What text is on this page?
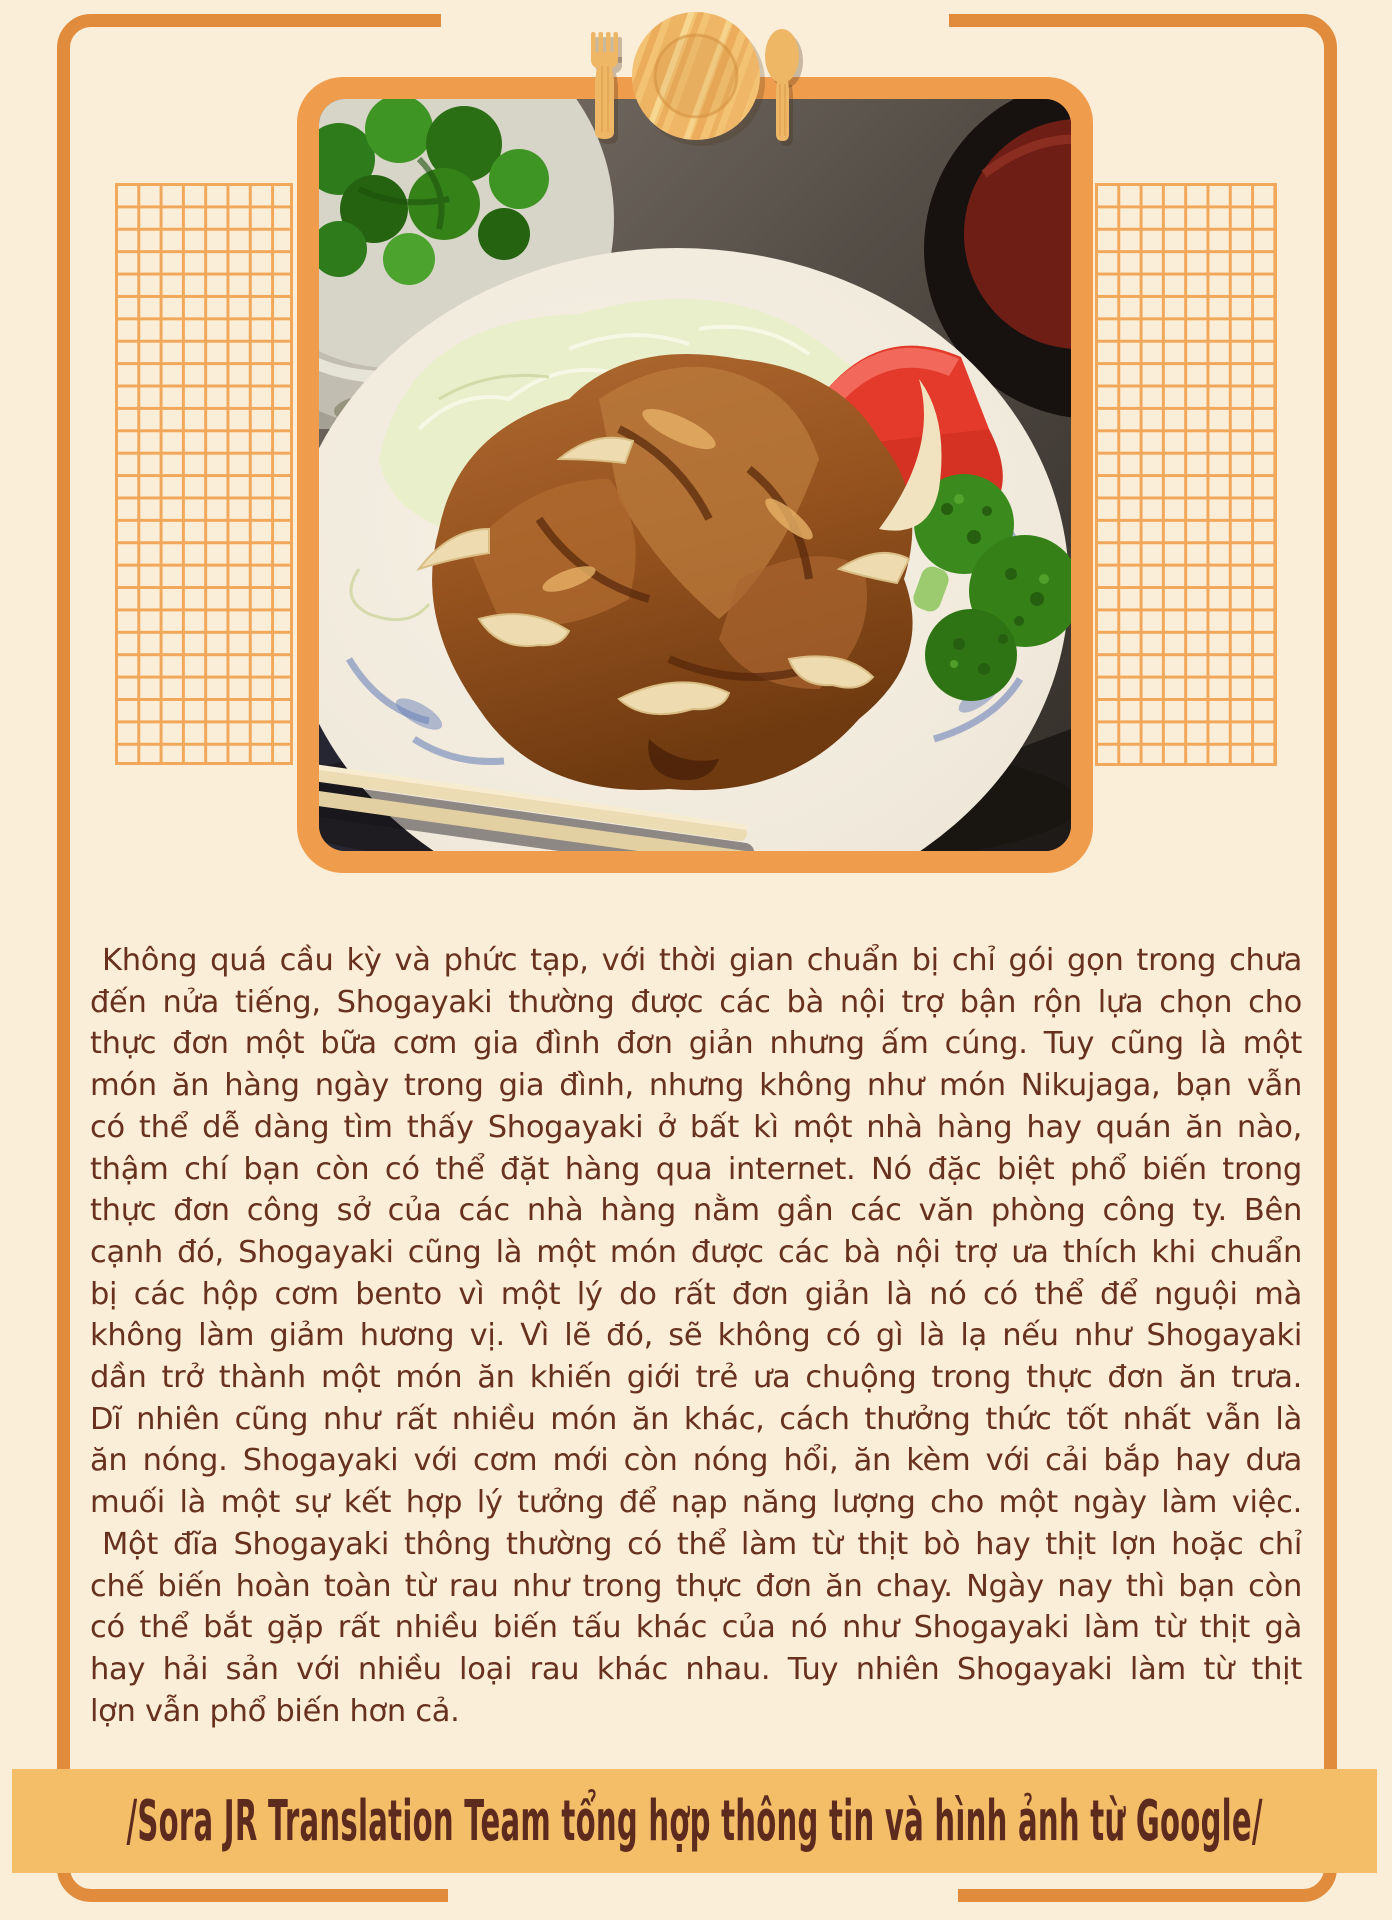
Không quá cầu kỳ và phức tạp, với thời gian chuẩn bị chỉ gói gọn trong chưa

đến nửa tiếng, Shogayaki thường được các bà nội trợ bận rộn lựa chọn cho

thực đơn một bữa cơm gia đình đơn giản nhưng ấm cúng. Tuy cũng là một

món ăn hàng ngày trong gia đình, nhưng không như món Nikujaga, bạn vẫn

có thể dễ dàng tìm thấy Shogayaki ở bất kì một nhà hàng hay quán ăn nào,

thậm chí bạn còn có thể đặt hàng qua internet. Nó đặc biệt phổ biến trong

thực đơn công sở của các nhà hàng nằm gần các văn phòng công ty. Bên

cạnh đó, Shogayaki cũng là một món được các bà nội trợ ưa thích khi chuẩn

bị các hộp cơm bento vì một lý do rất đơn giản là nó có thể để nguội mà

không làm giảm hương vị. Vì lẽ đó, sẽ không có gì là lạ nếu như Shogayaki

dần trở thành một món ăn khiến giới trẻ ưa chuộng trong thực đơn ăn trưa.

Dĩ nhiên cũng như rất nhiều món ăn khác, cách thưởng thức tốt nhất vẫn là

ăn nóng. Shogayaki với cơm mới còn nóng hổi, ăn kèm với cải bắp hay dưa

muối là một sự kết hợp lý tưởng để nạp năng lượng cho một ngày làm việc.

Một đĩa Shogayaki thông thường có thể làm từ thịt bò hay thịt lợn hoặc chỉ

chế biến hoàn toàn từ rau như trong thực đơn ăn chay. Ngày nay thì bạn còn

có thể bắt gặp rất nhiều biến tấu khác của nó như Shogayaki làm từ thịt gà

hay hải sản với nhiều loại rau khác nhau. Tuy nhiên Shogayaki làm từ thịt

lợn vẫn phổ biến hơn cả.

/Sora JR Translation Team tổng hợp thông tin và hình ảnh từ Google/
